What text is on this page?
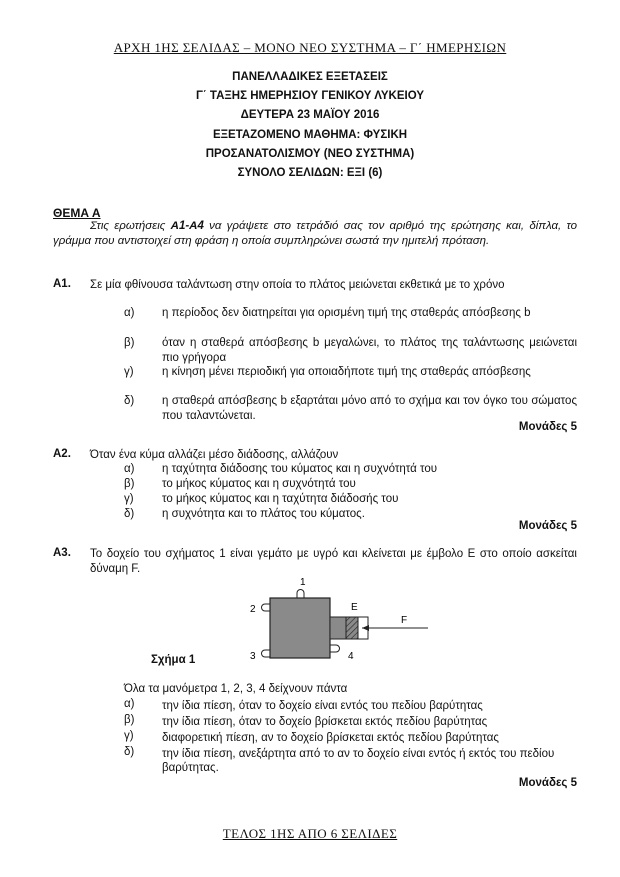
ΑΡΧΗ 1ΗΣ ΣΕΛΙΔΑΣ – ΜΟΝΟ ΝΕΟ ΣΥΣΤΗΜΑ – Γ΄ ΗΜΕΡΗΣΙΩΝ
ΠΑΝΕΛΛΑΔΙΚΕΣ ΕΞΕΤΑΣΕΙΣ
Γ΄ ΤΑΞΗΣ ΗΜΕΡΗΣΙΟΥ ΓΕΝΙΚΟΥ ΛΥΚΕΙΟΥ
ΔΕΥΤΕΡΑ 23 ΜΑΪΟΥ 2016
ΕΞΕΤΑΖΟΜΕΝΟ ΜΑΘΗΜΑ: ΦΥΣΙΚΗ
ΠΡΟΣΑΝΑΤΟΛΙΣΜΟΥ (ΝΕΟ ΣΥΣΤΗΜΑ)
ΣΥΝΟΛΟ ΣΕΛΙΔΩΝ: ΕΞΙ (6)
ΘΕΜΑ Α
Στις ερωτήσεις Α1-Α4 να γράψετε στο τετράδιό σας τον αριθμό της ερώτησης και, δίπλα, το γράμμα που αντιστοιχεί στη φράση η οποία συμπληρώνει σωστά την ημιτελή πρόταση.
Α1. Σε μία φθίνουσα ταλάντωση στην οποία το πλάτος μειώνεται εκθετικά με το χρόνο
α) η περίοδος δεν διατηρείται για ορισμένη τιμή της σταθεράς απόσβεσης b
β) όταν η σταθερά απόσβεσης b μεγαλώνει, το πλάτος της ταλάντωσης μειώνεται πιο γρήγορα
γ) η κίνηση μένει περιοδική για οποιαδήποτε τιμή της σταθεράς απόσβεσης
δ) η σταθερά απόσβεσης b εξαρτάται μόνο από το σχήμα και τον όγκο του σώματος που ταλαντώνεται.
Μονάδες 5
Α2. Όταν ένα κύμα αλλάζει μέσο διάδοσης, αλλάζουν
α) η ταχύτητα διάδοσης του κύματος και η συχνότητά του
β) το μήκος κύματος και η συχνότητά του
γ) το μήκος κύματος και η ταχύτητα διάδοσής του
δ) η συχνότητα και το πλάτος του κύματος.
Μονάδες 5
Α3. Το δοχείο του σχήματος 1 είναι γεμάτο με υγρό και κλείνεται με έμβολο Ε στο οποίο ασκείται δύναμη F.
1
2
3	4
E
F
Σχήμα 1
Όλα τα μανόμετρα 1, 2, 3, 4 δείχνουν πάντα
α) την ίδια πίεση, όταν το δοχείο είναι εντός του πεδίου βαρύτητας
β) την ίδια πίεση, όταν το δοχείο βρίσκεται εκτός πεδίου βαρύτητας
γ) διαφορετική πίεση, αν το δοχείο βρίσκεται εκτός πεδίου βαρύτητας
δ) την ίδια πίεση, ανεξάρτητα από το αν το δοχείο είναι εντός ή εκτός του πεδίου βαρύτητας.
Μονάδες 5
ΤΕΛΟΣ 1ΗΣ ΑΠΟ 6 ΣΕΛΙΔΕΣ
